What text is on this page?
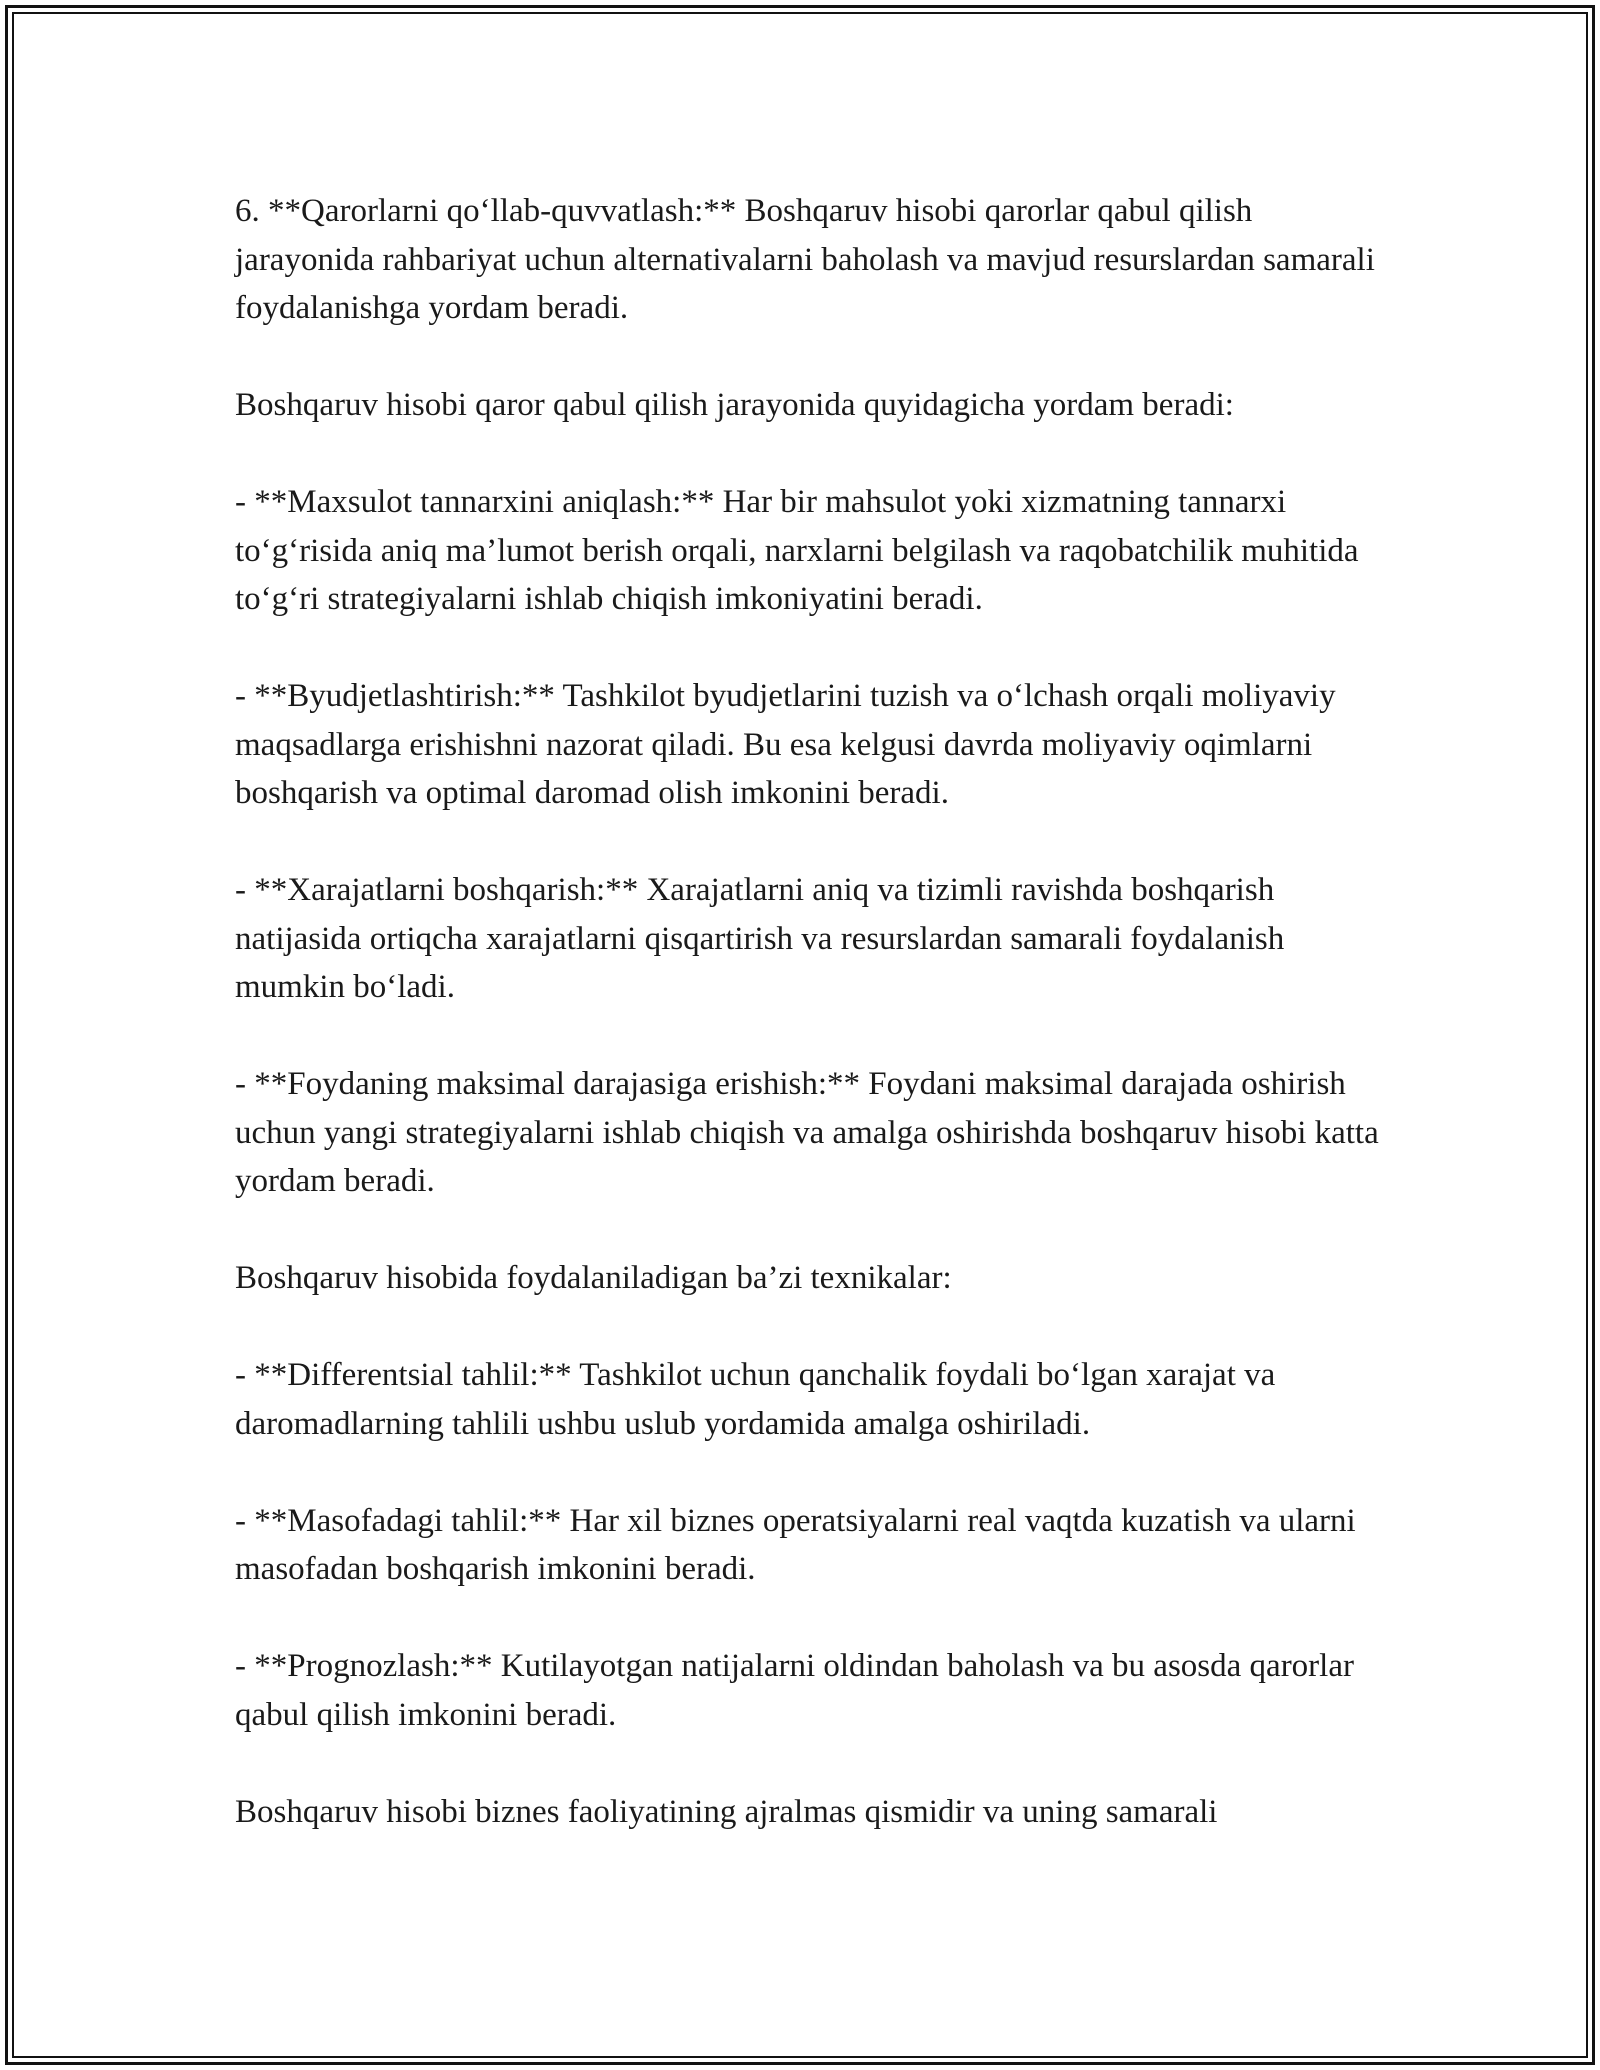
6. **Qarorlarni qo‘llab-quvvatlash:** Boshqaruv hisobi qarorlar qabul qilish jarayonida rahbariyat uchun alternativalarni baholash va mavjud resurslardan samarali foydalanishga yordam beradi.

Boshqaruv hisobi qaror qabul qilish jarayonida quyidagicha yordam beradi:

- **Maxsulot tannarxini aniqlash:** Har bir mahsulot yoki xizmatning tannarxi to‘g‘risida aniq ma’lumot berish orqali, narxlarni belgilash va raqobatchilik muhitida to‘g‘ri strategiyalarni ishlab chiqish imkoniyatini beradi.

- **Byudjetlashtirish:** Tashkilot byudjetlarini tuzish va o‘lchash orqali moliyaviy maqsadlarga erishishni nazorat qiladi. Bu esa kelgusi davrda moliyaviy oqimlarni boshqarish va optimal daromad olish imkonini beradi.

- **Xarajatlarni boshqarish:** Xarajatlarni aniq va tizimli ravishda boshqarish natijasida ortiqcha xarajatlarni qisqartirish va resurslardan samarali foydalanish mumkin bo‘ladi.

- **Foydaning maksimal darajasiga erishish:** Foydani maksimal darajada oshirish uchun yangi strategiyalarni ishlab chiqish va amalga oshirishda boshqaruv hisobi katta yordam beradi.

Boshqaruv hisobida foydalaniladigan ba’zi texnikalar:

- **Differentsial tahlil:** Tashkilot uchun qanchalik foydali bo‘lgan xarajat va daromadlarning tahlili ushbu uslub yordamida amalga oshiriladi.

- **Masofadagi tahlil:** Har xil biznes operatsiyalarni real vaqtda kuzatish va ularni masofadan boshqarish imkonini beradi.

- **Prognozlash:** Kutilayotgan natijalarni oldindan baholash va bu asosda qarorlar qabul qilish imkonini beradi.

Boshqaruv hisobi biznes faoliyatining ajralmas qismidir va uning samarali
